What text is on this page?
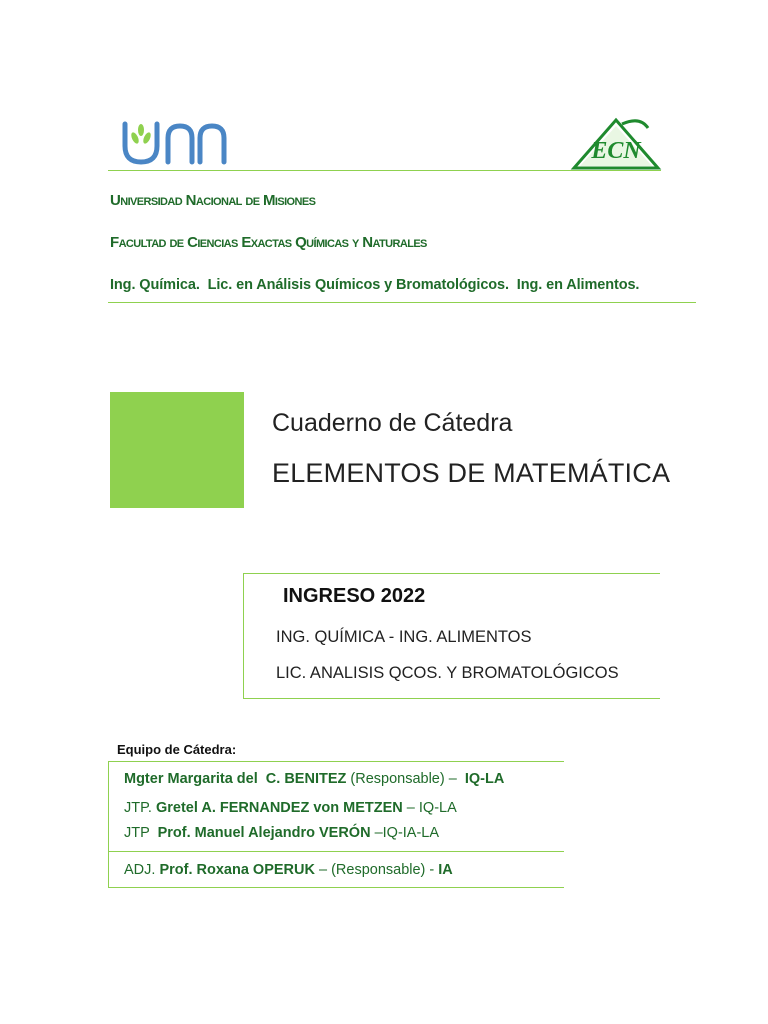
ECN
Universidad Nacional de Misiones
Facultad de Ciencias Exactas Químicas y Naturales
Ing. Química.  Lic. en Análisis Químicos y Bromatológicos.  Ing. en Alimentos.
Cuaderno de Cátedra
ELEMENTOS DE MATEMÁTICA
INGRESO 2022
ING. QUÍMICA - ING. ALIMENTOS
LIC. ANALISIS QCOS. Y BROMATOLÓGICOS
Equipo de Cátedra:
Mgter Margarita del  C. BENITEZ (Responsable) –  IQ-LA
JTP. Gretel A. FERNANDEZ von METZEN – IQ-LA
JTP  Prof. Manuel Alejandro VERÓN –IQ-IA-LA
ADJ. Prof. Roxana OPERUK – (Responsable) - IA
